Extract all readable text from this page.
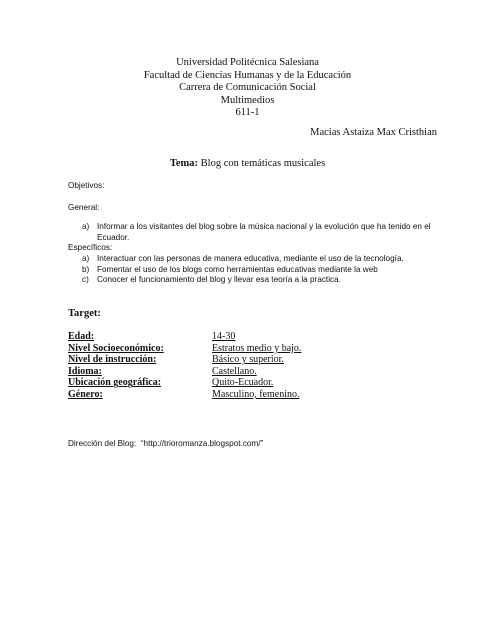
Universidad Politécnica Salesiana
Facultad de Ciencias Humanas y de la Educación
Carrera de Comunicación Social
Multimedios
611-1
Macias Astaiza Max Cristhian
Tema: Blog con temáticas musicales
Objetivos:
General:
a) Informar a los visitantes del blog sobre la música nacional y la evolución que ha tenido en el Ecuador.
Específicos:
a) Interactuar con las personas de manera educativa, mediante el uso de la tecnología.
b) Fomentar el uso de los blogs como herramientas educativas mediante la web
c) Conocer el funcionamiento del blog y llevar esa teoría a la practica.
Target:
Edad:	14-30
Nivel Socioeconómico:	Estratos medio y bajo.
Nivel de instrucción:	Básico y superior.
Idioma:	Castellano.
Ubicación geográfica:	Quito-Ecuador.
Género:	Masculino, femenino.
Dirección del Blog: “http://trioromanza.blogspot.com/”
